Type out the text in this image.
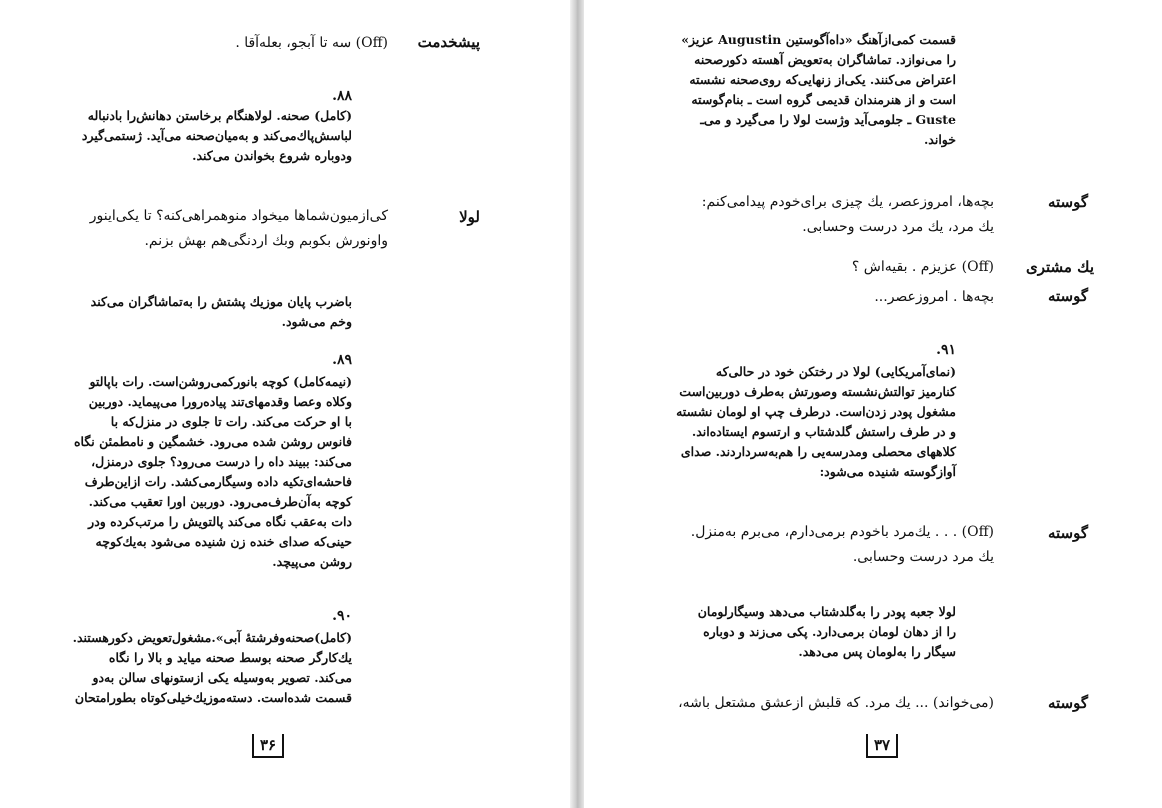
پیشخدمت
(Off) سه تا آبجو، بعله‌آقا .
۸۸.
(کامل) صحنه. لولاهنگام برخاستن دهانش‌را بادنباله
لباسش‌پاك‌می‌کند و به‌میان‌صحنه می‌آید. ژستمی‌گیرد
ودوباره شروع بخواندن می‌کند.
لولا
کی‌ازمیون‌شماها میخواد منوهمراهی‌کنه؟ تا یکی‌اینور
واونورش بکوبم وبك اردنگی‌هم بهش بزنم.
باضرب پایان موزیك پشتش را بەتماشاگران می‌کند
وخم می‌شود.
۸۹.
(نیمه‌کامل) کوچه بانورکمی‌روشن‌است. رات باپالتو
وکلاه وعصا وقدمهای‌تند پیاده‌رورا می‌پیماید. دوربین
با او حرکت می‌کند. رات تا جلوی در منزل‌که با
فانوس روشن شده می‌رود. خشمگین و نامطمئن نگاه
می‌کند: ببیند داه را درست می‌رود؟ جلوی درمنزل،
فاحشه‌ای‌تکیه داده وسیگارمی‌کشد. رات ازاین‌طرف
کوچه به‌آن‌طرف‌می‌رود. دوربین اورا تعقیب می‌کند.
دات بەعقب نگاه می‌کند پالتویش را مرتب‌کرده ودر
حینی‌که صدای خنده زن شنیده می‌شود بەیك‌کوچه
روشن می‌پیچد.
۹۰.
(کامل)صحنه‌وفرشتهٔ آبی».مشغول‌تعویض دکورهستند.
یك‌کارگر صحنه بوسط صحنه میاید و بالا را نگاه
می‌کند. تصویر بەوسیله یکی ازستونهای سالن بەدو
قسمت شده‌است. دستەموزیك‌خیلی‌کوتاه بطورامتحان
۳۶
قسمت کمی‌ازآهنگ «داه‌آگوستین Augustin عزیز»
را می‌نوازد. تماشاگران به‌تعویض آهسته دکورصحنه
اعتراض می‌کنند. یکی‌از زنهایی‌که روی‌صحنه نشسته
است و از هنرمندان قدیمی گروه است ـ بنام‌گوسته
Guste ـ جلومی‌آید وژست لولا را می‌گیرد و می‌ـ
خواند.
گوسته
بچەها، امروزعصر، یك چیزی برای‌خودم پیدامی‌کنم:
یك مرد، یك مرد درست وحسابی.
یك مشتری
(Off) عزیزم . بقیه‌اش ؟
گوسته
بچەها . امروزعصر...
۹۱.
(نمای‌آمریکایی) لولا در رختکن خود در حالی‌که
کنارمیز توالتش‌نشسته وصورتش بەطرف دوربین‌است
مشغول پودر زدن‌است. درطرف چپ او لومان نشسته
و در طرف راستش گلدشتاب و ارتسوم ایستاده‌اند.
کلاههای محصلی ومدرسه‌یی را هم‌بەسرداردند. صدای
آوازگوسته شنیده می‌شود:
گوسته
(Off) . . . یك‌مرد باخودم برمی‌دارم، می‌برم بەمنزل.
یك مرد درست وحسابی.
لولا جعبه پودر را بەگلدشتاب می‌دهد وسیگارلومان
را از دهان لومان برمی‌دارد. پکی می‌زند و دوباره
سیگار را بەلومان پس می‌دهد.
گوسته
(می‌خواند) ... یك مرد. که قلبش ازعشق مشتعل باشه،
۳۷
